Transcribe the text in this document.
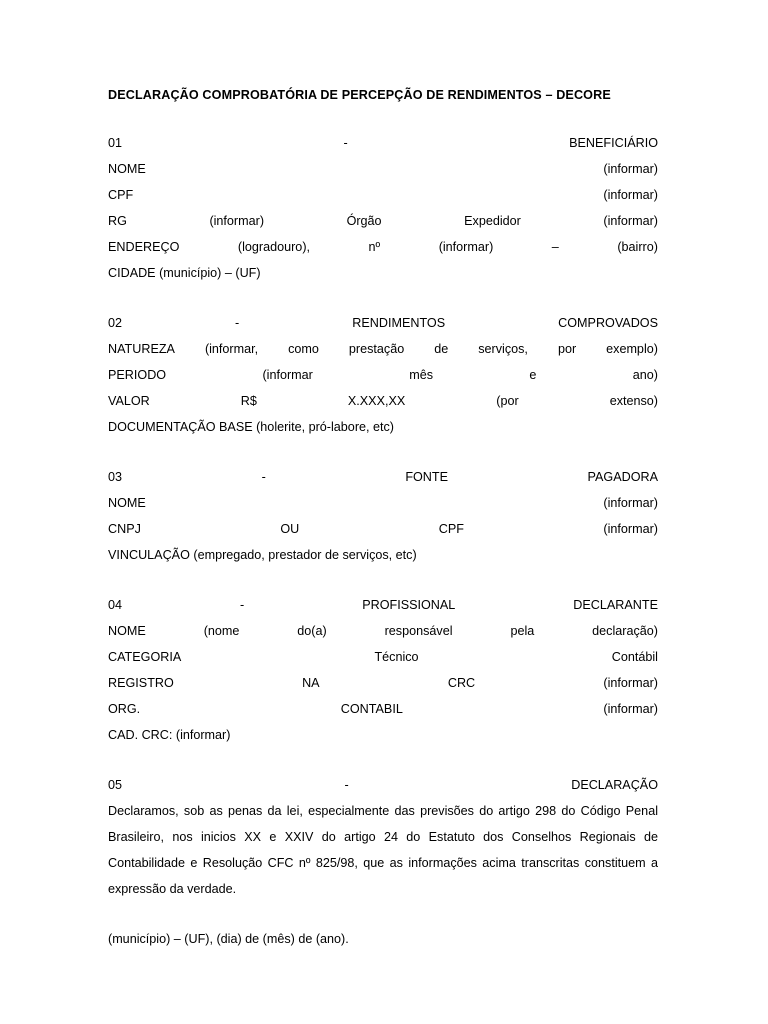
DECLARAÇÃO COMPROBATÓRIA DE PERCEPÇÃO DE RENDIMENTOS – DECORE
01	-	BENEFICIÁRIO
NOME	(informar)
CPF	(informar)
RG	(informar)	Órgão	Expedidor	(informar)
ENDEREÇO	(logradouro),	nº	(informar)	–	(bairro)
CIDADE (município) – (UF)
02	-	RENDIMENTOS	COMPROVADOS
NATUREZA (informar, como prestação de serviços, por exemplo)
PERIODO	(informar	mês	e	ano)
VALOR	R$	X.XXX,XX	(por	extenso)
DOCUMENTAÇÃO BASE (holerite, pró-labore, etc)
03	-	FONTE	PAGADORA
NOME	(informar)
CNPJ	OU	CPF	(informar)
VINCULAÇÃO (empregado, prestador de serviços, etc)
04	-	PROFISSIONAL	DECLARANTE
NOME	(nome	do(a)	responsável	pela	declaração)
CATEGORIA	Técnico	Contábil
REGISTRO	NA	CRC	(informar)
ORG.	CONTABIL	(informar)
CAD. CRC: (informar)
05	-	DECLARAÇÃO

Declaramos, sob as penas da lei, especialmente das previsões do artigo 298 do Código Penal Brasileiro, nos inicios XX e XXIV do artigo 24 do Estatuto dos Conselhos Regionais de Contabilidade e Resolução CFC nº 825/98, que as informações acima transcritas constituem a expressão da verdade.

(município) – (UF), (dia) de (mês) de (ano).
